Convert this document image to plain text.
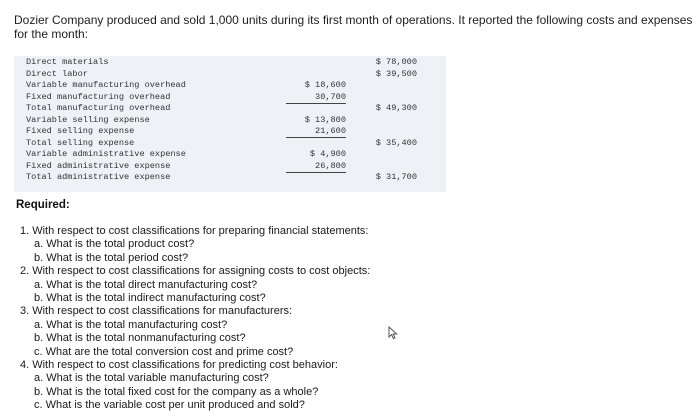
Dozier Company produced and sold 1,000 units during its first month of operations. It reported the following costs and expenses for the month:
Direct materials	$ 78,000
Direct labor	$ 39,500
Variable manufacturing overhead	$ 18,600
Fixed manufacturing overhead	30,700
Total manufacturing overhead	$ 49,300
Variable selling expense	$ 13,800
Fixed selling expense	21,600
Total selling expense	$ 35,400
Variable administrative expense	$ 4,900
Fixed administrative expense	26,800
Total administrative expense	$ 31,700
Required:
1. With respect to cost classifications for preparing financial statements:
a. What is the total product cost?
b. What is the total period cost?
2. With respect to cost classifications for assigning costs to cost objects:
a. What is the total direct manufacturing cost?
b. What is the total indirect manufacturing cost?
3. With respect to cost classifications for manufacturers:
a. What is the total manufacturing cost?
b. What is the total nonmanufacturing cost?
c. What are the total conversion cost and prime cost?
4. With respect to cost classifications for predicting cost behavior:
a. What is the total variable manufacturing cost?
b. What is the total fixed cost for the company as a whole?
c. What is the variable cost per unit produced and sold?
